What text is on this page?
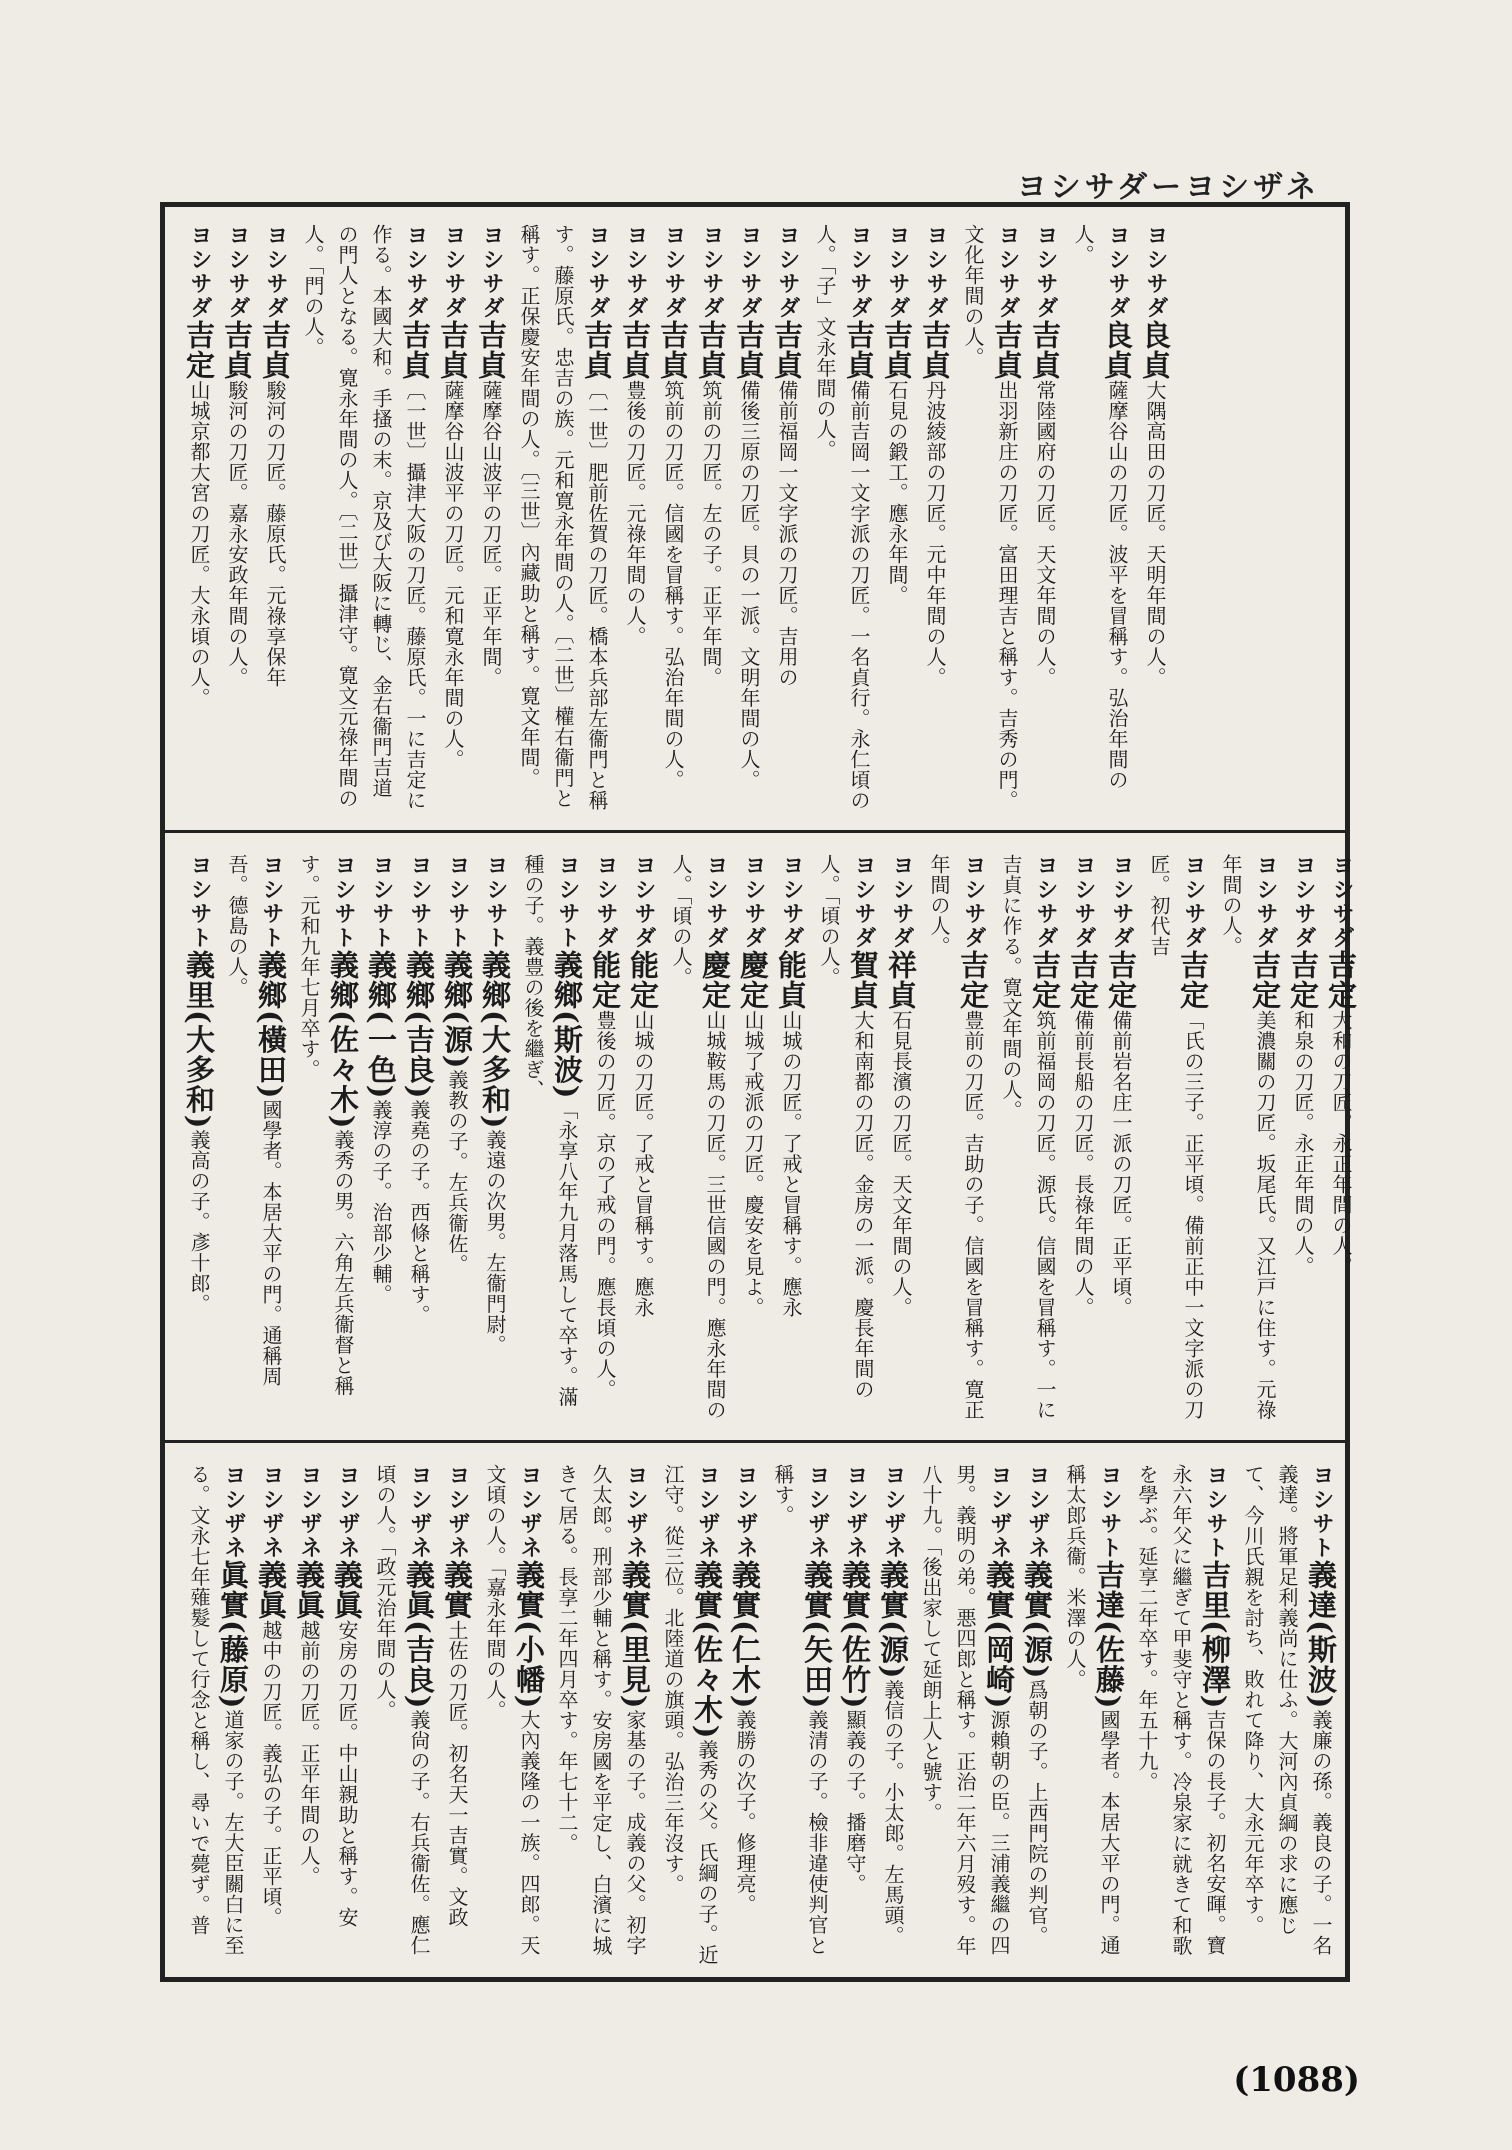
ヨシサダーヨシザネ
ヨシサダ良貞大隅高田の刀匠。天明年間の人。
ヨシサダ良貞薩摩谷山の刀匠。波平を冒稱す。弘治年間の人。
ヨシサダ吉貞常陸國府の刀匠。天文年間の人。
ヨシサダ吉貞出羽新庄の刀匠。富田理吉と稱す。吉秀の門。文化年間の人。
ヨシサダ吉貞丹波綾部の刀匠。元中年間の人。
ヨシサダ吉貞石見の鍛工。應永年間。
ヨシサダ吉貞備前吉岡一文字派の刀匠。一名貞行。永仁頃の人。「子」文永年間の人。
ヨシサダ吉貞備前福岡一文字派の刀匠。吉用の
ヨシサダ吉貞備後三原の刀匠。貝の一派。文明年間の人。
ヨシサダ吉貞筑前の刀匠。左の子。正平年間。
ヨシサダ吉貞筑前の刀匠。信國を冒稱す。弘治年間の人。
ヨシサダ吉貞豊後の刀匠。元祿年間の人。
ヨシサダ吉貞〔一世〕肥前佐賀の刀匠。橋本兵部左衞門と稱す。藤原氏。忠吉の族。元和寛永年間の人。〔二世〕權右衞門と稱す。正保慶安年間の人。〔三世〕內藏助と稱す。寛文年間。
ヨシサダ吉貞薩摩谷山波平の刀匠。正平年間。
ヨシサダ吉貞薩摩谷山波平の刀匠。元和寛永年間の人。
ヨシサダ吉貞〔一世〕攝津大阪の刀匠。藤原氏。一に吉定に作る。本國大和。手搔の末。京及び大阪に轉じ、金右衞門吉道の門人となる。寛永年間の人。〔二世〕攝津守。寛文元祿年間の人。「門の人。
ヨシサダ吉貞駿河の刀匠。藤原氏。元祿享保年
ヨシサダ吉貞駿河の刀匠。嘉永安政年間の人。
ヨシサダ吉定山城京都大宮の刀匠。大永頃の人。
ヨシサダ吉定大和の刀匠。永正年間の人。
ヨシサダ吉定和泉の刀匠。永正年間の人。
ヨシサダ吉定美濃關の刀匠。坂尾氏。又江戸に住す。元祿年間の人。
ヨシサダ吉定「氏の三子。正平頃。備前正中一文字派の刀匠。初代吉
ヨシサダ吉定備前岩名庄一派の刀匠。正平頃。
ヨシサダ吉定備前長船の刀匠。長祿年間の人。
ヨシサダ吉定筑前福岡の刀匠。源氏。信國を冒稱す。一に吉貞に作る。寛文年間の人。
ヨシサダ吉定豊前の刀匠。吉助の子。信國を冒稱す。寛正年間の人。
ヨシサダ祥貞石見長濱の刀匠。天文年間の人。
ヨシサダ賀貞大和南都の刀匠。金房の一派。慶長年間の人。「頃の人。
ヨシサダ能貞山城の刀匠。了戒と冒稱す。應永
ヨシサダ慶定山城了戒派の刀匠。慶安を見よ。
ヨシサダ慶定山城鞍馬の刀匠。三世信國の門。應永年間の人。「頃の人。
ヨシサダ能定山城の刀匠。了戒と冒稱す。應永
ヨシサダ能定豊後の刀匠。京の了戒の門。應長頃の人。
ヨシサト義鄉(斯波)「永享八年九月落馬して卒す。滿種の子。義豊の後を繼ぎ、
ヨシサト義鄉(大多和)義遠の次男。左衞門尉。
ヨシサト義鄉(源)義教の子。左兵衞佐。
ヨシサト義鄉(吉良)義堯の子。西條と稱す。
ヨシサト義鄉(一色)義淳の子。治部少輔。
ヨシサト義鄉(佐々木)義秀の男。六角左兵衞督と稱す。元和九年七月卒す。
ヨシサト義鄉(橫田)國學者。本居大平の門。通稱周吾。德島の人。
ヨシサト義里(大多和)義高の子。彥十郎。
ヨシサト義達(斯波)義廉の孫。義良の子。一名義達。將軍足利義尚に仕ふ。大河內貞綱の求に應じて、今川氏親を討ち、敗れて降り、大永元年卒す。
ヨシサト吉里(柳澤)吉保の長子。初名安暉。寶永六年父に繼ぎて甲斐守と稱す。冷泉家に就きて和歌を學ぶ。延享二年卒す。年五十九。
ヨシサト吉達(佐藤)國學者。本居大平の門。通稱太郎兵衞。米澤の人。
ヨシザネ義實(源)爲朝の子。上西門院の判官。
ヨシザネ義實(岡崎)源賴朝の臣。三浦義繼の四男。義明の弟。悪四郎と稱す。正治二年六月歿す。年八十九。「後出家して延朗上人と號す。
ヨシザネ義實(源)義信の子。小太郎。左馬頭。
ヨシザネ義實(佐竹)顯義の子。播磨守。
ヨシザネ義實(矢田)義清の子。檢非違使判官と稱す。
ヨシザネ義實(仁木)義勝の次子。修理亮。
ヨシザネ義實(佐々木)義秀の父。氏綱の子。近江守。從三位。北陸道の旗頭。弘治三年沒す。
ヨシザネ義實(里見)家基の子。成義の父。初字久太郎。刑部少輔と稱す。安房國を平定し、白濱に城きて居る。長享二年四月卒す。年七十二。
ヨシザネ義實(小幡)大內義隆の一族。四郎。天文頃の人。「嘉永年間の人。
ヨシザネ義實土佐の刀匠。初名天一吉實。文政
ヨシザネ義眞(吉良)義尙の子。右兵衞佐。應仁頃の人。「政元治年間の人。
ヨシザネ義眞安房の刀匠。中山親助と稱す。安
ヨシザネ義眞越前の刀匠。正平年間の人。
ヨシザネ義眞越中の刀匠。義弘の子。正平頃。
ヨシザネ眞實(藤原)道家の子。左大臣關白に至る。文永七年薙髮して行念と稱し、尋いで薨ず。普
(1088)
